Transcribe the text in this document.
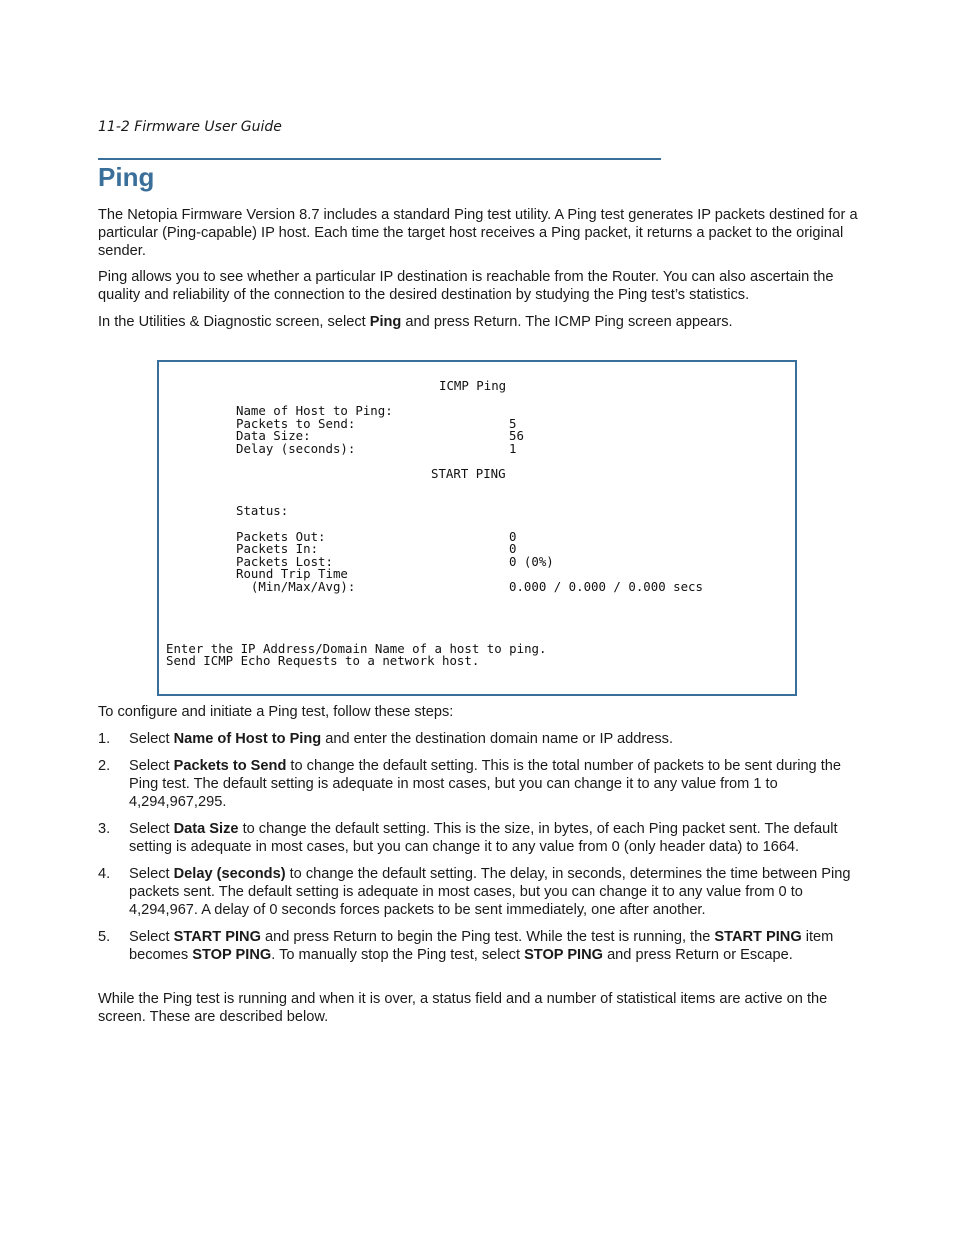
11-2 Firmware User Guide
Ping

The Netopia Firmware Version 8.7 includes a standard Ping test utility. A Ping test generates IP packets destined for a particular (Ping-capable) IP host. Each time the target host receives a Ping packet, it returns a packet to the original sender.

Ping allows you to see whether a particular IP destination is reachable from the Router. You can also ascertain the quality and reliability of the connection to the desired destination by studying the Ping test’s statistics.

In the Utilities & Diagnostic screen, select Ping and press Return. The ICMP Ping screen appears.

ICMP Ping
Name of Host to Ping:
Packets to Send:	5
Data Size:	56
Delay (seconds):	1
START PING
Status:
Packets Out:	0
Packets In:	0
Packets Lost:	0 (0%)
Round Trip Time
(Min/Max/Avg):	0.000 / 0.000 / 0.000 secs
Enter the IP Address/Domain Name of a host to ping.
Send ICMP Echo Requests to a network host.

To configure and initiate a Ping test, follow these steps:

1. Select Name of Host to Ping and enter the destination domain name or IP address.
2. Select Packets to Send to change the default setting. This is the total number of packets to be sent during the Ping test. The default setting is adequate in most cases, but you can change it to any value from 1 to 4,294,967,295.
3. Select Data Size to change the default setting. This is the size, in bytes, of each Ping packet sent. The default setting is adequate in most cases, but you can change it to any value from 0 (only header data) to 1664.
4. Select Delay (seconds) to change the default setting. The delay, in seconds, determines the time between Ping packets sent. The default setting is adequate in most cases, but you can change it to any value from 0 to 4,294,967. A delay of 0 seconds forces packets to be sent immediately, one after another.
5. Select START PING and press Return to begin the Ping test. While the test is running, the START PING item becomes STOP PING. To manually stop the Ping test, select STOP PING and press Return or Escape.

While the Ping test is running and when it is over, a status field and a number of statistical items are active on the screen. These are described below.
